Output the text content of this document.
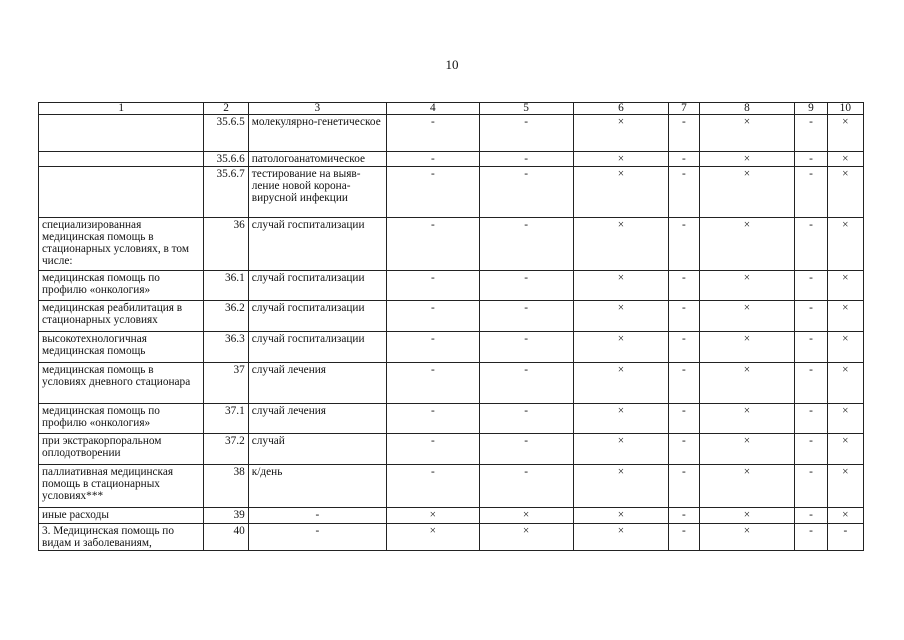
10
1	2	3	4	5	6	7	8	9	10
	35.6.5	молекулярно-генетическое	-	-	×	-	×	-	×
	35.6.6	патологоанатомическое	-	-	×	-	×	-	×
	35.6.7	тестирование на выяв-ление новой корона-вирусной инфекции	-	-	×	-	×	-	×
специализированная медицинская помощь в стационарных условиях, в том числе:	36	случай госпитализации	-	-	×	-	×	-	×
медицинская помощь по профилю «онкология»	36.1	случай госпитализации	-	-	×	-	×	-	×
медицинская реабилитация в стационарных условиях	36.2	случай госпитализации	-	-	×	-	×	-	×
высокотехнологичная медицинская помощь	36.3	случай госпитализации	-	-	×	-	×	-	×
медицинская помощь в условиях дневного стационара	37	случай лечения	-	-	×	-	×	-	×
медицинская помощь по профилю «онкология»	37.1	случай лечения	-	-	×	-	×	-	×
при экстракорпоральном оплодотворении	37.2	случай	-	-	×	-	×	-	×
паллиативная медицинская помощь в стационарных условиях***	38	к/день	-	-	×	-	×	-	×
иные расходы	39	-	×	×	×	-	×	-	×
3. Медицинская помощь по видам и заболеваниям,	40	-	×	×	×	-	×	-	-
